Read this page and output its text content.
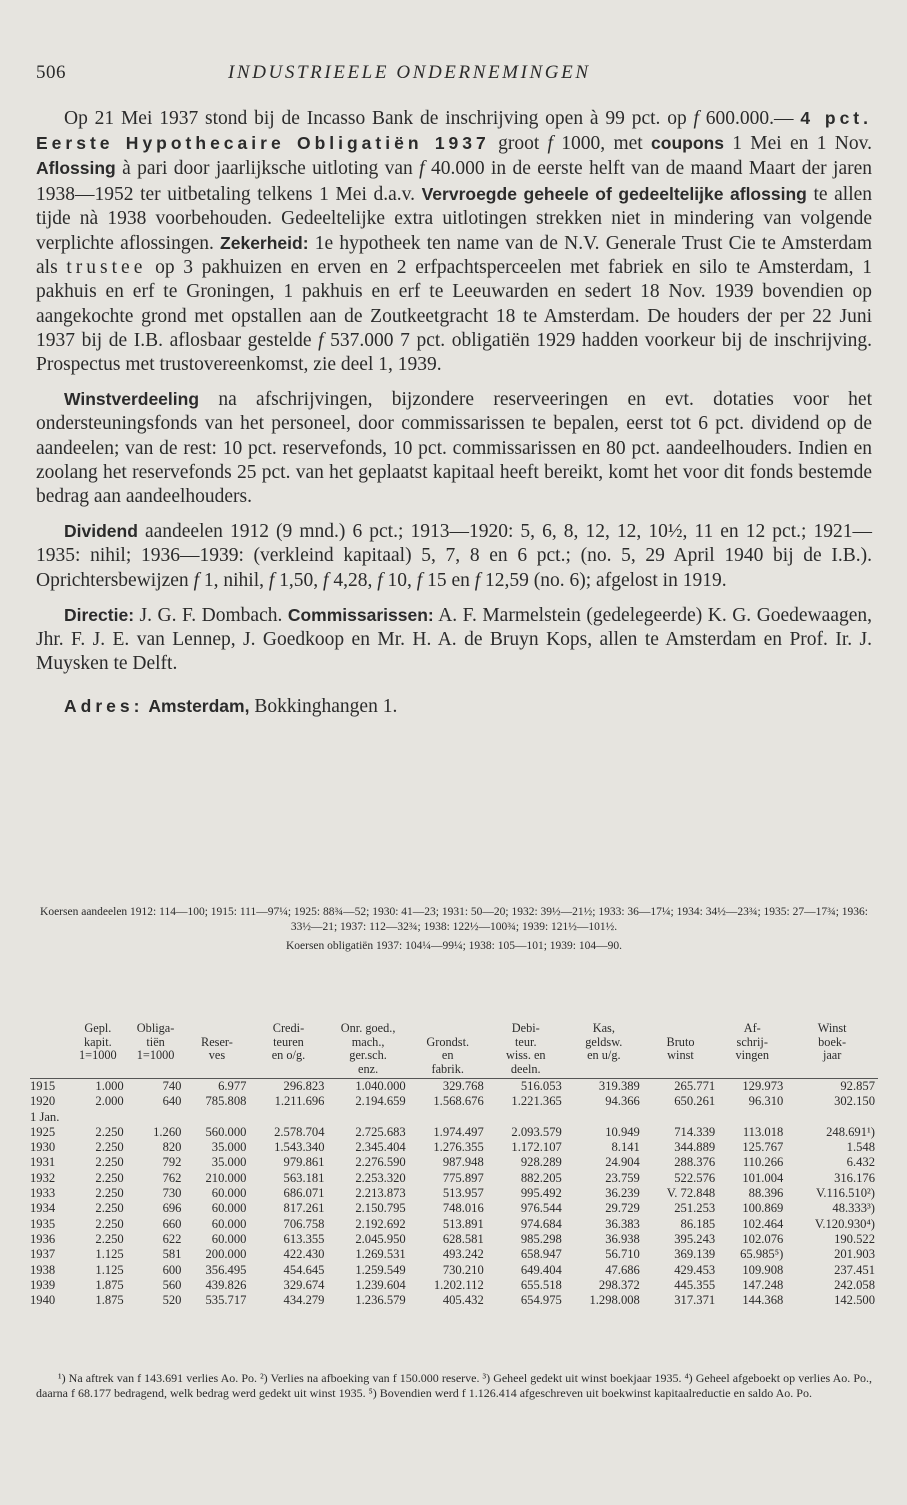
506	INDUSTRIEELE ONDERNEMINGEN

Op 21 Mei 1937 stond bij de Incasso Bank de inschrijving open à 99 pct. op f 600.000.— 4 pct. Eerste Hypothecaire Obligatiën 1937 groot f 1000, met coupons 1 Mei en 1 Nov. Aflossing à pari door jaarlijksche uitloting van f 40.000 in de eerste helft van de maand Maart der jaren 1938—1952 ter uitbetaling telkens 1 Mei d.a.v. Vervroegde geheele of gedeeltelijke aflossing te allen tijde nà 1938 voorbehouden. Gedeeltelijke extra uitlotingen strekken niet in mindering van volgende verplichte aflossingen. Zekerheid: 1e hypotheek ten name van de N.V. Generale Trust Cie te Amsterdam als trustee op 3 pakhuizen en erven en 2 erfpachtsperceelen met fabriek en silo te Amsterdam, 1 pakhuis en erf te Groningen, 1 pakhuis en erf te Leeuwarden en sedert 18 Nov. 1939 bovendien op aangekochte grond met opstallen aan de Zoutkeetgracht 18 te Amsterdam. De houders der per 22 Juni 1937 bij de I.B. aflosbaar gestelde f 537.000 7 pct. obligatiën 1929 hadden voorkeur bij de inschrijving. Prospectus met trustovereenkomst, zie deel 1, 1939.

Winstverdeeling na afschrijvingen, bijzondere reserveeringen en evt. dotaties voor het ondersteuningsfonds van het personeel, door commissarissen te bepalen, eerst tot 6 pct. dividend op de aandeelen; van de rest: 10 pct. reservefonds, 10 pct. commissarissen en 80 pct. aandeelhouders. Indien en zoolang het reservefonds 25 pct. van het geplaatst kapitaal heeft bereikt, komt het voor dit fonds bestemde bedrag aan aandeelhouders.

Dividend aandeelen 1912 (9 mnd.) 6 pct.; 1913—1920: 5, 6, 8, 12, 12, 10½, 11 en 12 pct.; 1921—1935: nihil; 1936—1939: (verkleind kapitaal) 5, 7, 8 en 6 pct.; (no. 5, 29 April 1940 bij de I.B.). Oprichtersbewijzen f 1, nihil, f 1,50, f 4,28, f 10, f 15 en f 12,59 (no. 6); afgelost in 1919.

Directie: J. G. F. Dombach. Commissarissen: A. F. Marmelstein (gedelegeerde) K. G. Goedewaagen, Jhr. F. J. E. van Lennep, J. Goedkoop en Mr. H. A. de Bruyn Kops, allen te Amsterdam en Prof. Ir. J. Muysken te Delft.

Adres: Amsterdam, Bokkinghangen 1.

Koersen aandeelen 1912: 114—100; 1915: 111—97¼; 1925: 88¾—52; 1930: 41—23; 1931: 50—20; 1932: 39½—21½; 1933: 36—17¼; 1934: 34½—23¾; 1935: 27—17¾; 1936: 33½—21; 1937: 112—32¾; 1938: 122½—100¾; 1939: 121½—101½.

Koersen obligatiën 1937: 104¼—99¼; 1938: 105—101; 1939: 104—90.

	Gepl.	Obliga-		Credi-	Onr. goed.,		Debi-	Kas,		Af-	Winst
	kapit.	tiën	Reser-	teuren	mach.,	Grondst.	teur.	geldsw.	Bruto	schrij-	boek-
	1=1000	1=1000	ves	en o/g.	ger.sch.	en	wiss. en	en u/g.	winst	vingen	jaar
					enz.	fabrik.	deeln.				
1915	1.000	740	6.977	296.823	1.040.000	329.768	516.053	319.389	265.771	129.973	92.857
1920	2.000	640	785.808	1.211.696	2.194.659	1.568.676	1.221.365	94.366	650.261	96.310	302.150
1 Jan.											
1925	2.250	1.260	560.000	2.578.704	2.725.683	1.974.497	2.093.579	10.949	714.339	113.018	248.691¹)
1930	2.250	820	35.000	1.543.340	2.345.404	1.276.355	1.172.107	8.141	344.889	125.767	1.548
1931	2.250	792	35.000	979.861	2.276.590	987.948	928.289	24.904	288.376	110.266	6.432
1932	2.250	762	210.000	563.181	2.253.320	775.897	882.205	23.759	522.576	101.004	316.176
1933	2.250	730	60.000	686.071	2.213.873	513.957	995.492	36.239	V. 72.848	88.396	V.116.510²)
1934	2.250	696	60.000	817.261	2.150.795	748.016	976.544	29.729	251.253	100.869	48.333³)
1935	2.250	660	60.000	706.758	2.192.692	513.891	974.684	36.383	86.185	102.464	V.120.930⁴)
1936	2.250	622	60.000	613.355	2.045.950	628.581	985.298	36.938	395.243	102.076	190.522
1937	1.125	581	200.000	422.430	1.269.531	493.242	658.947	56.710	369.139	65.985⁵)	201.903
1938	1.125	600	356.495	454.645	1.259.549	730.210	649.404	47.686	429.453	109.908	237.451
1939	1.875	560	439.826	329.674	1.239.604	1.202.112	655.518	298.372	445.355	147.248	242.058
1940	1.875	520	535.717	434.279	1.236.579	405.432	654.975	1.298.008	317.371	144.368	142.500

¹) Na aftrek van f 143.691 verlies Ao. Po. ²) Verlies na afboeking van f 150.000 reserve. ³) Geheel gedekt uit winst boekjaar 1935. ⁴) Geheel afgeboekt op verlies Ao. Po., daarna f 68.177 bedragend, welk bedrag werd gedekt uit winst 1935. ⁵) Bovendien werd f 1.126.414 afgeschreven uit boekwinst kapitaalreductie en saldo Ao. Po.
